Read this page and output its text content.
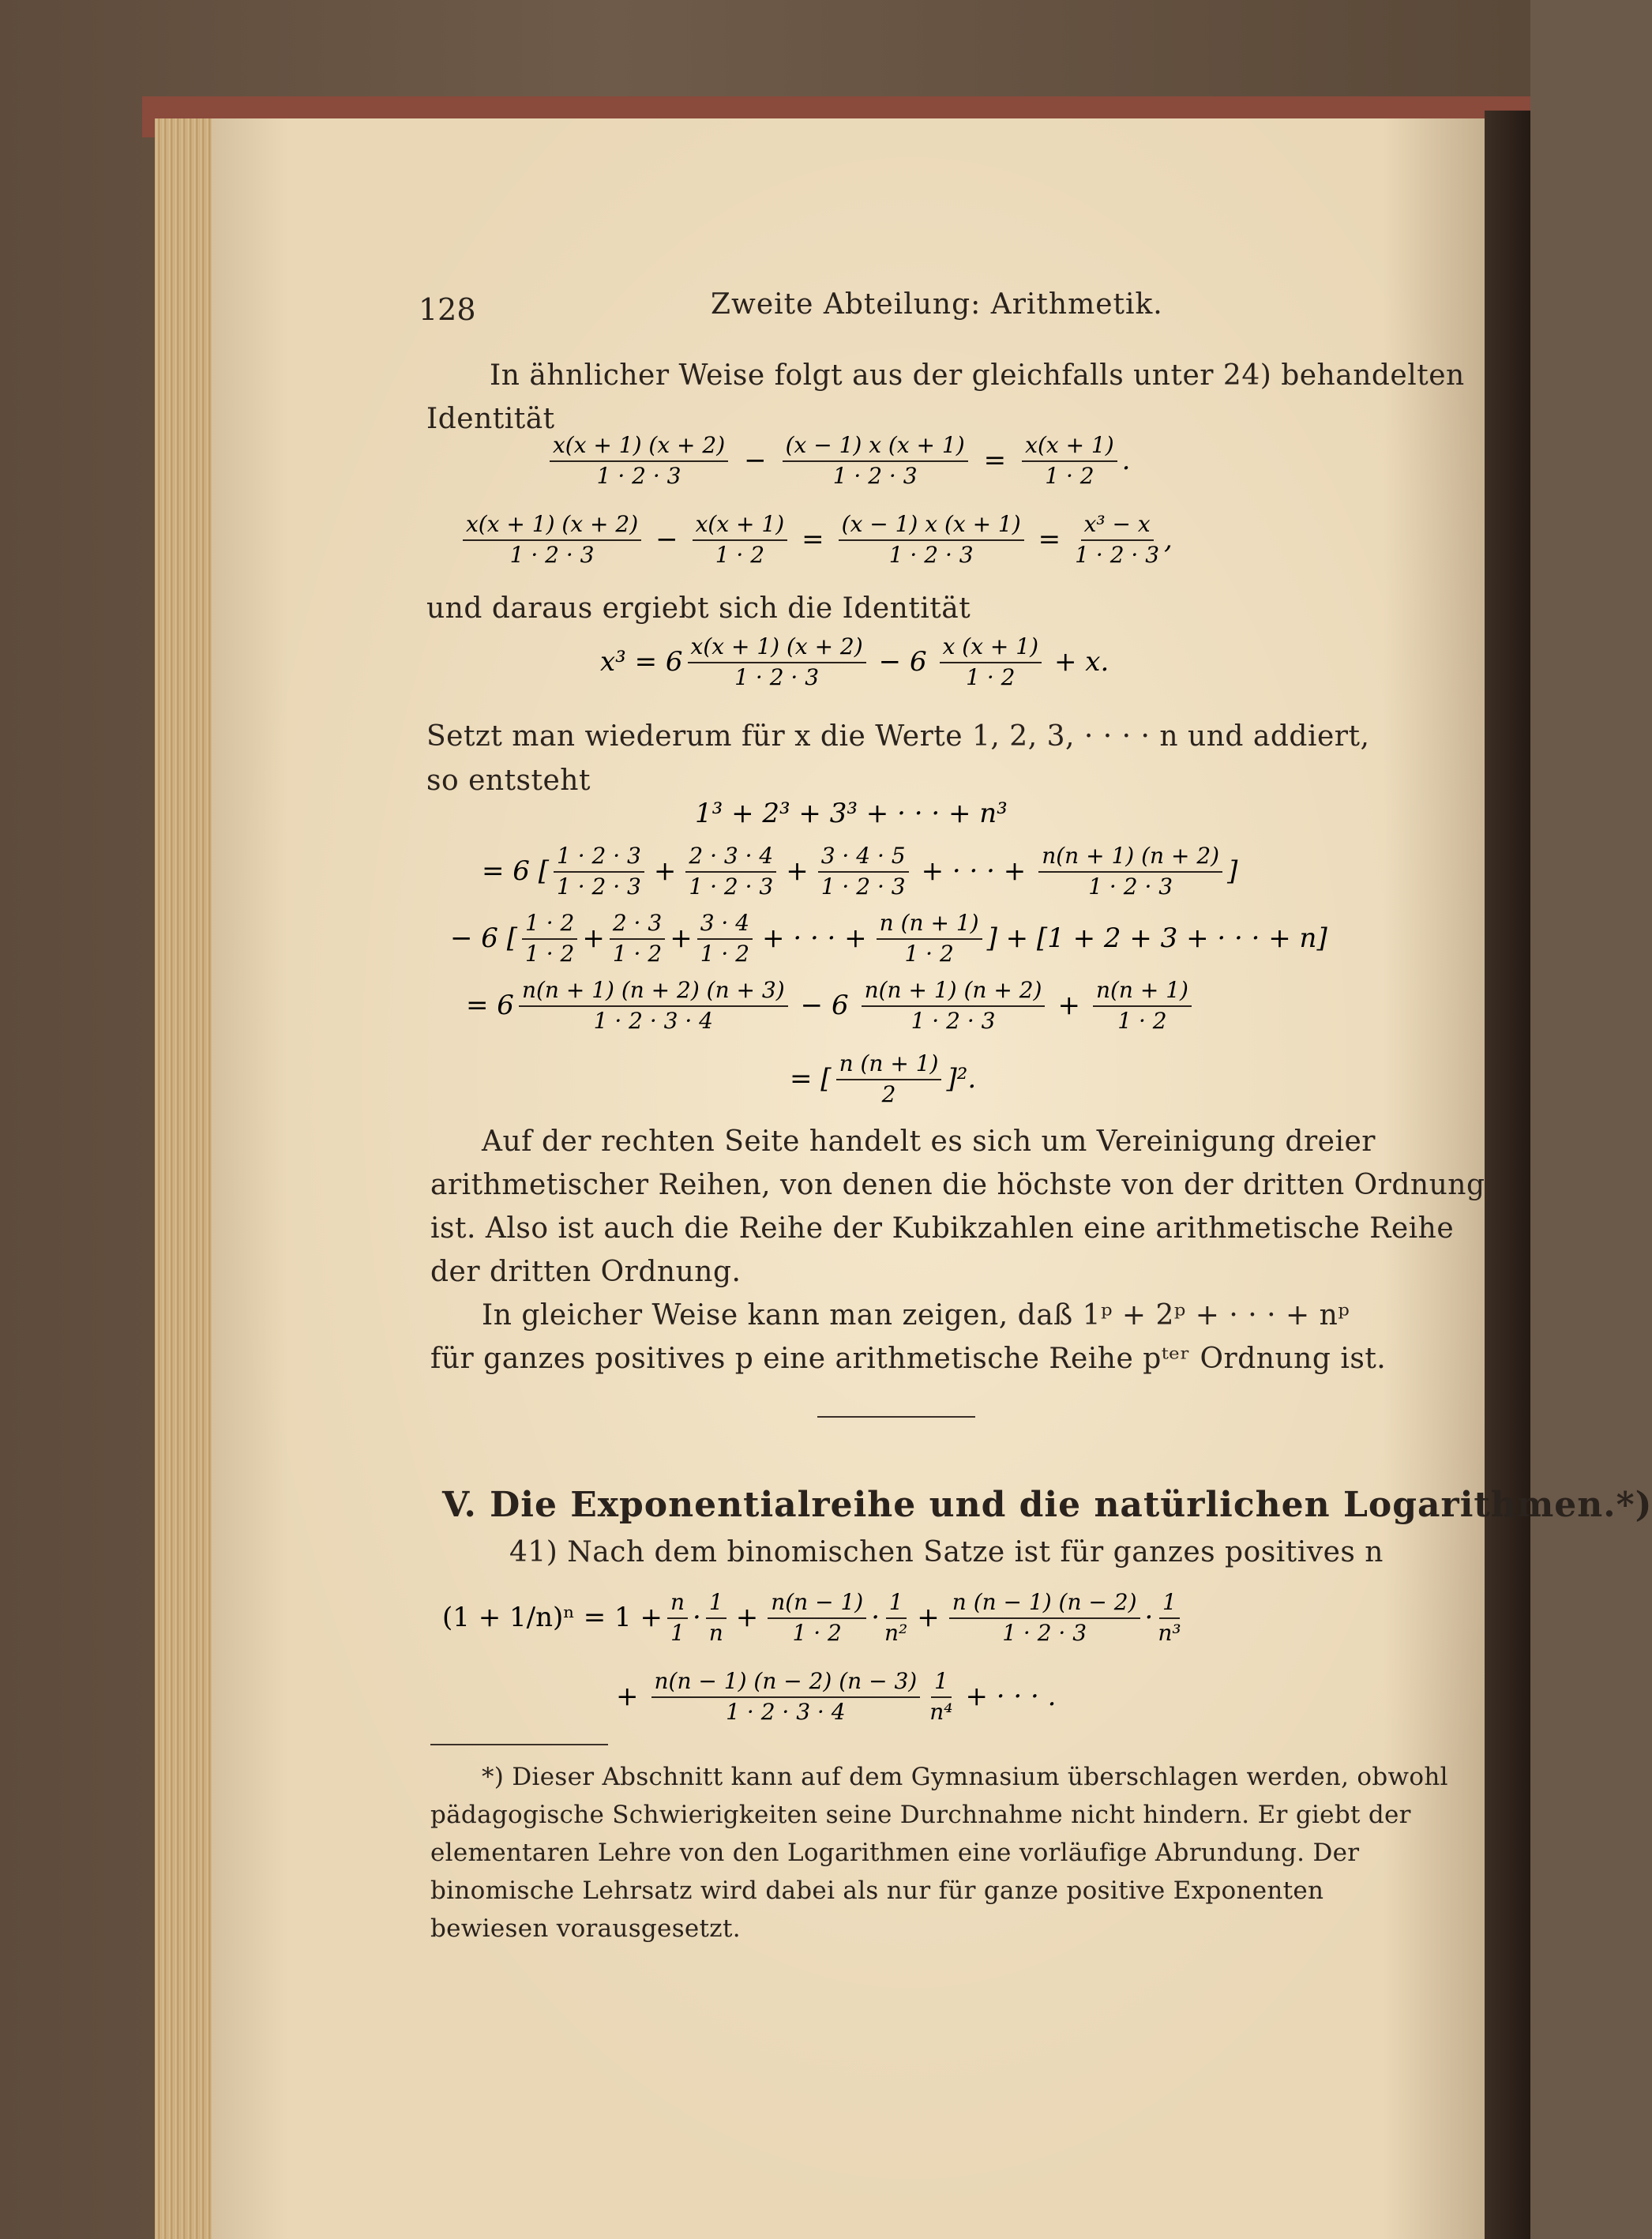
128	Zweite Abteilung: Arithmetik.
In ähnlicher Weise folgt aus der gleichfalls unter 24) behandelten
Identität
$\frac{x(x + 1) (x + 2)}{1 \cdot 2 \cdot 3} - \frac{(x - 1) x (x + 1)}{1 \cdot 2 \cdot 3} = \frac{x(x + 1)}{1 \cdot 2}$ .
$\frac{x(x + 1) (x + 2)}{1 \cdot 2 \cdot 3} - \frac{x(x + 1)}{1 \cdot 2} = \frac{(x - 1) x (x + 1)}{1 \cdot 2 \cdot 3} = \frac{\text{x³ − x}}{1 \cdot 2 \cdot 3}$ ,
und daraus ergiebt sich die Identität
$x^3 = 6 \frac{x(x + 1) (x + 2)}{1 \cdot 2 \cdot 3} - 6 \frac{x (x + 1)}{1 \cdot 2} + x$.
Setzt man wiederum für x die Werte 1, 2, 3, · · · · n und addiert,
so entsteht
1³ + 2³ + 3³ + · · · + n³
= 6 [ $\frac{1 \cdot 2 \cdot 3}{1 \cdot 2 \cdot 3} + \frac{2 \cdot 3 \cdot 4}{1 \cdot 2 \cdot 3} + \frac{3 \cdot 4 \cdot 5}{1 \cdot 2 \cdot 3}$ + · · · + $\frac{n(n + 1) (n + 2)}{1 \cdot 2 \cdot 3}$ ]
− 6 [ $\frac{1 \cdot 2}{1 \cdot 2} + \frac{2 \cdot 3}{1 \cdot 2} + \frac{3 \cdot 4}{1 \cdot 2}$ + · · · + $\frac{n (n + 1)}{1 \cdot 2}$ ] + [1 + 2 + 3 + · · · + n]
= $6 \frac{n(n + 1) (n + 2) (n + 3)}{1 \cdot 2 \cdot 3 \cdot 4} - 6 \frac{n(n + 1) (n + 2)}{1 \cdot 2 \cdot 3} + \frac{n(n + 1)}{1 \cdot 2}$
= [ $\frac{n (n + 1)}{2} ]^2$.
Auf der rechten Seite handelt es sich um Vereinigung dreier
arithmetischer Reihen, von denen die höchste von der dritten Ordnung
ist. Also ist auch die Reihe der Kubikzahlen eine arithmetische Reihe
der dritten Ordnung.
In gleicher Weise kann man zeigen, daß 1ᵖ + 2ᵖ + · · · + nᵖ
für ganzes positives p eine arithmetische Reihe pᵗᵉʳ Ordnung ist.
V. Die Exponentialreihe und die natürlichen Logarithmen.*)
41) Nach dem binomischen Satze ist für ganzes positives n
$(1 + 1/n)^n = 1 + \frac{n}{1} \cdot \frac{1}{n} + \frac{n(n - 1)}{1 \cdot 2} \cdot \frac{1}{\text{n²}} + \frac{n (n - 1) (n - 2)}{1 \cdot 2 \cdot 3} \cdot \frac{1}{\text{n³}}$
+ $\frac{n(n - 1) (n - 2) (n - 3)}{1 \cdot 2 \cdot 3 \cdot 4} \frac{1}{\text{n⁴}}$ + · · · .
*) Dieser Abschnitt kann auf dem Gymnasium überschlagen werden, obwohl
pädagogische Schwierigkeiten seine Durchnahme nicht hindern. Er giebt der
elementaren Lehre von den Logarithmen eine vorläufige Abrundung. Der
binomische Lehrsatz wird dabei als nur für ganze positive Exponenten
bewiesen vorausgesetzt.
